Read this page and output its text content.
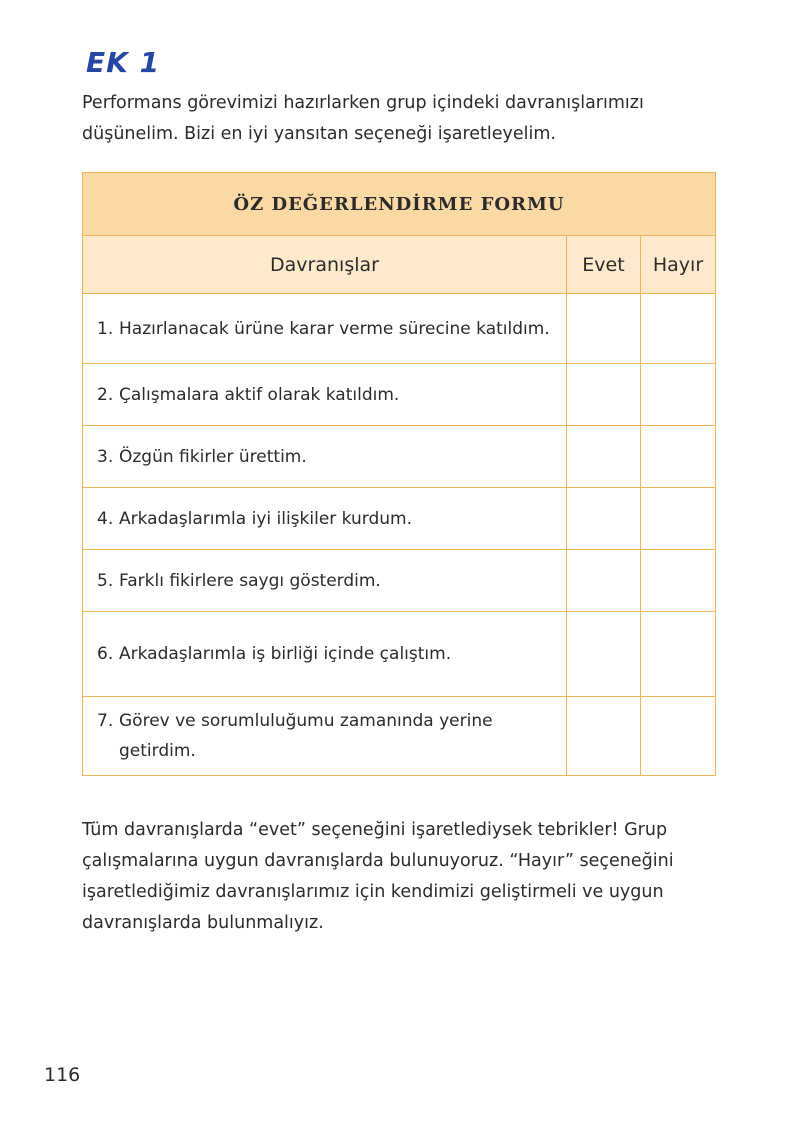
EK 1
Performans görevimizi hazırlarken grup içindeki davranışlarımızı düşünelim. Bizi en iyi yansıtan seçeneği işaretleyelim.
ÖZ DEĞERLENDİRME FORMU		
Davranışlar	Evet	Hayır

1. Hazırlanacak ürüne karar verme sürecine katıldım.		

2. Çalışmalara aktif olarak katıldım.		

3. Özgün fikirler ürettim.		

4. Arkadaşlarımla iyi ilişkiler kurdum.		

5. Farklı fikirlere saygı gösterdim.		

6. Arkadaşlarımla iş birliği içinde çalıştım.		

7. Görev ve sorumluluğumu zamanında yerine getirdim.		

Tüm davranışlarda “evet” seçeneğini işaretlediysek tebrikler! Grup çalışmalarına uygun davranışlarda bulunuyoruz. “Hayır” seçeneğini işaretlediğimiz davranışlarımız için kendimizi geliştirmeli ve uygun davranışlarda bulunmalıyız.
116
